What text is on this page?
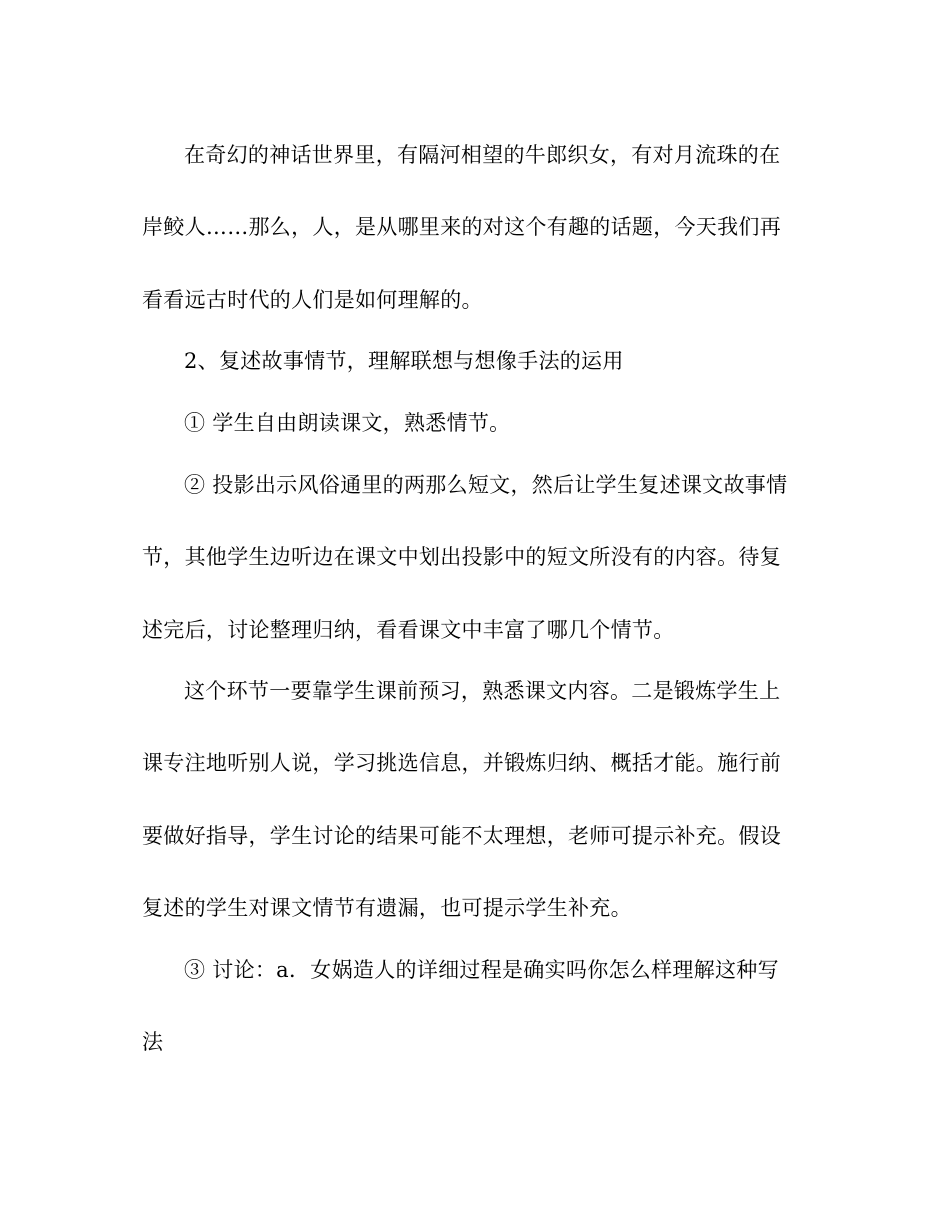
在奇幻的神话世界里，有隔河相望的牛郎织女，有对月流珠的在
岸鲛人……那么，人，是从哪里来的对这个有趣的话题，今天我们再
看看远古时代的人们是如何理解的。
2、复述故事情节，理解联想与想像手法的运用
① 学生自由朗读课文，熟悉情节。
② 投影出示风俗通里的两那么短文，然后让学生复述课文故事情
节，其他学生边听边在课文中划出投影中的短文所没有的内容。待复
述完后，讨论整理归纳，看看课文中丰富了哪几个情节。
这个环节一要靠学生课前预习，熟悉课文内容。二是锻炼学生上
课专注地听别人说，学习挑选信息，并锻炼归纳、概括才能。施行前
要做好指导，学生讨论的结果可能不太理想，老师可提示补充。假设
复述的学生对课文情节有遗漏，也可提示学生补充。
③ 讨论：a．女娲造人的详细过程是确实吗你怎么样理解这种写
法
